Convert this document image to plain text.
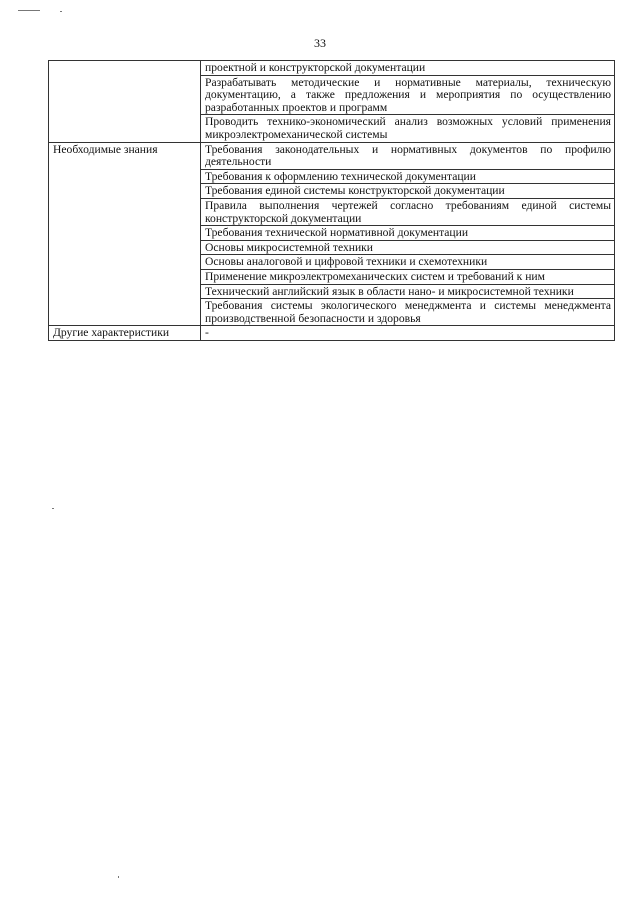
33
	проектной и конструкторской документации
	Разрабатывать методические и нормативные материалы, техническую документацию, а также предложения и мероприятия по осуществлению разработанных проектов и программ
	Проводить технико-экономический анализ возможных условий применения микроэлектромеханической системы
Необходимые знания	Требования законодательных и нормативных документов по профилю деятельности
	Требования к оформлению технической документации
	Требования единой системы конструкторской документации
	Правила выполнения чертежей согласно требованиям единой системы конструкторской документации
	Требования технической нормативной документации
	Основы микросистемной техники
	Основы аналоговой и цифровой техники и схемотехники
	Применение микроэлектромеханических систем и требований к ним
	Технический английский язык в области нано- и микросистемной техники
	Требования системы экологического менеджмента и системы менеджмента производственной безопасности и здоровья
Другие характеристики	-
